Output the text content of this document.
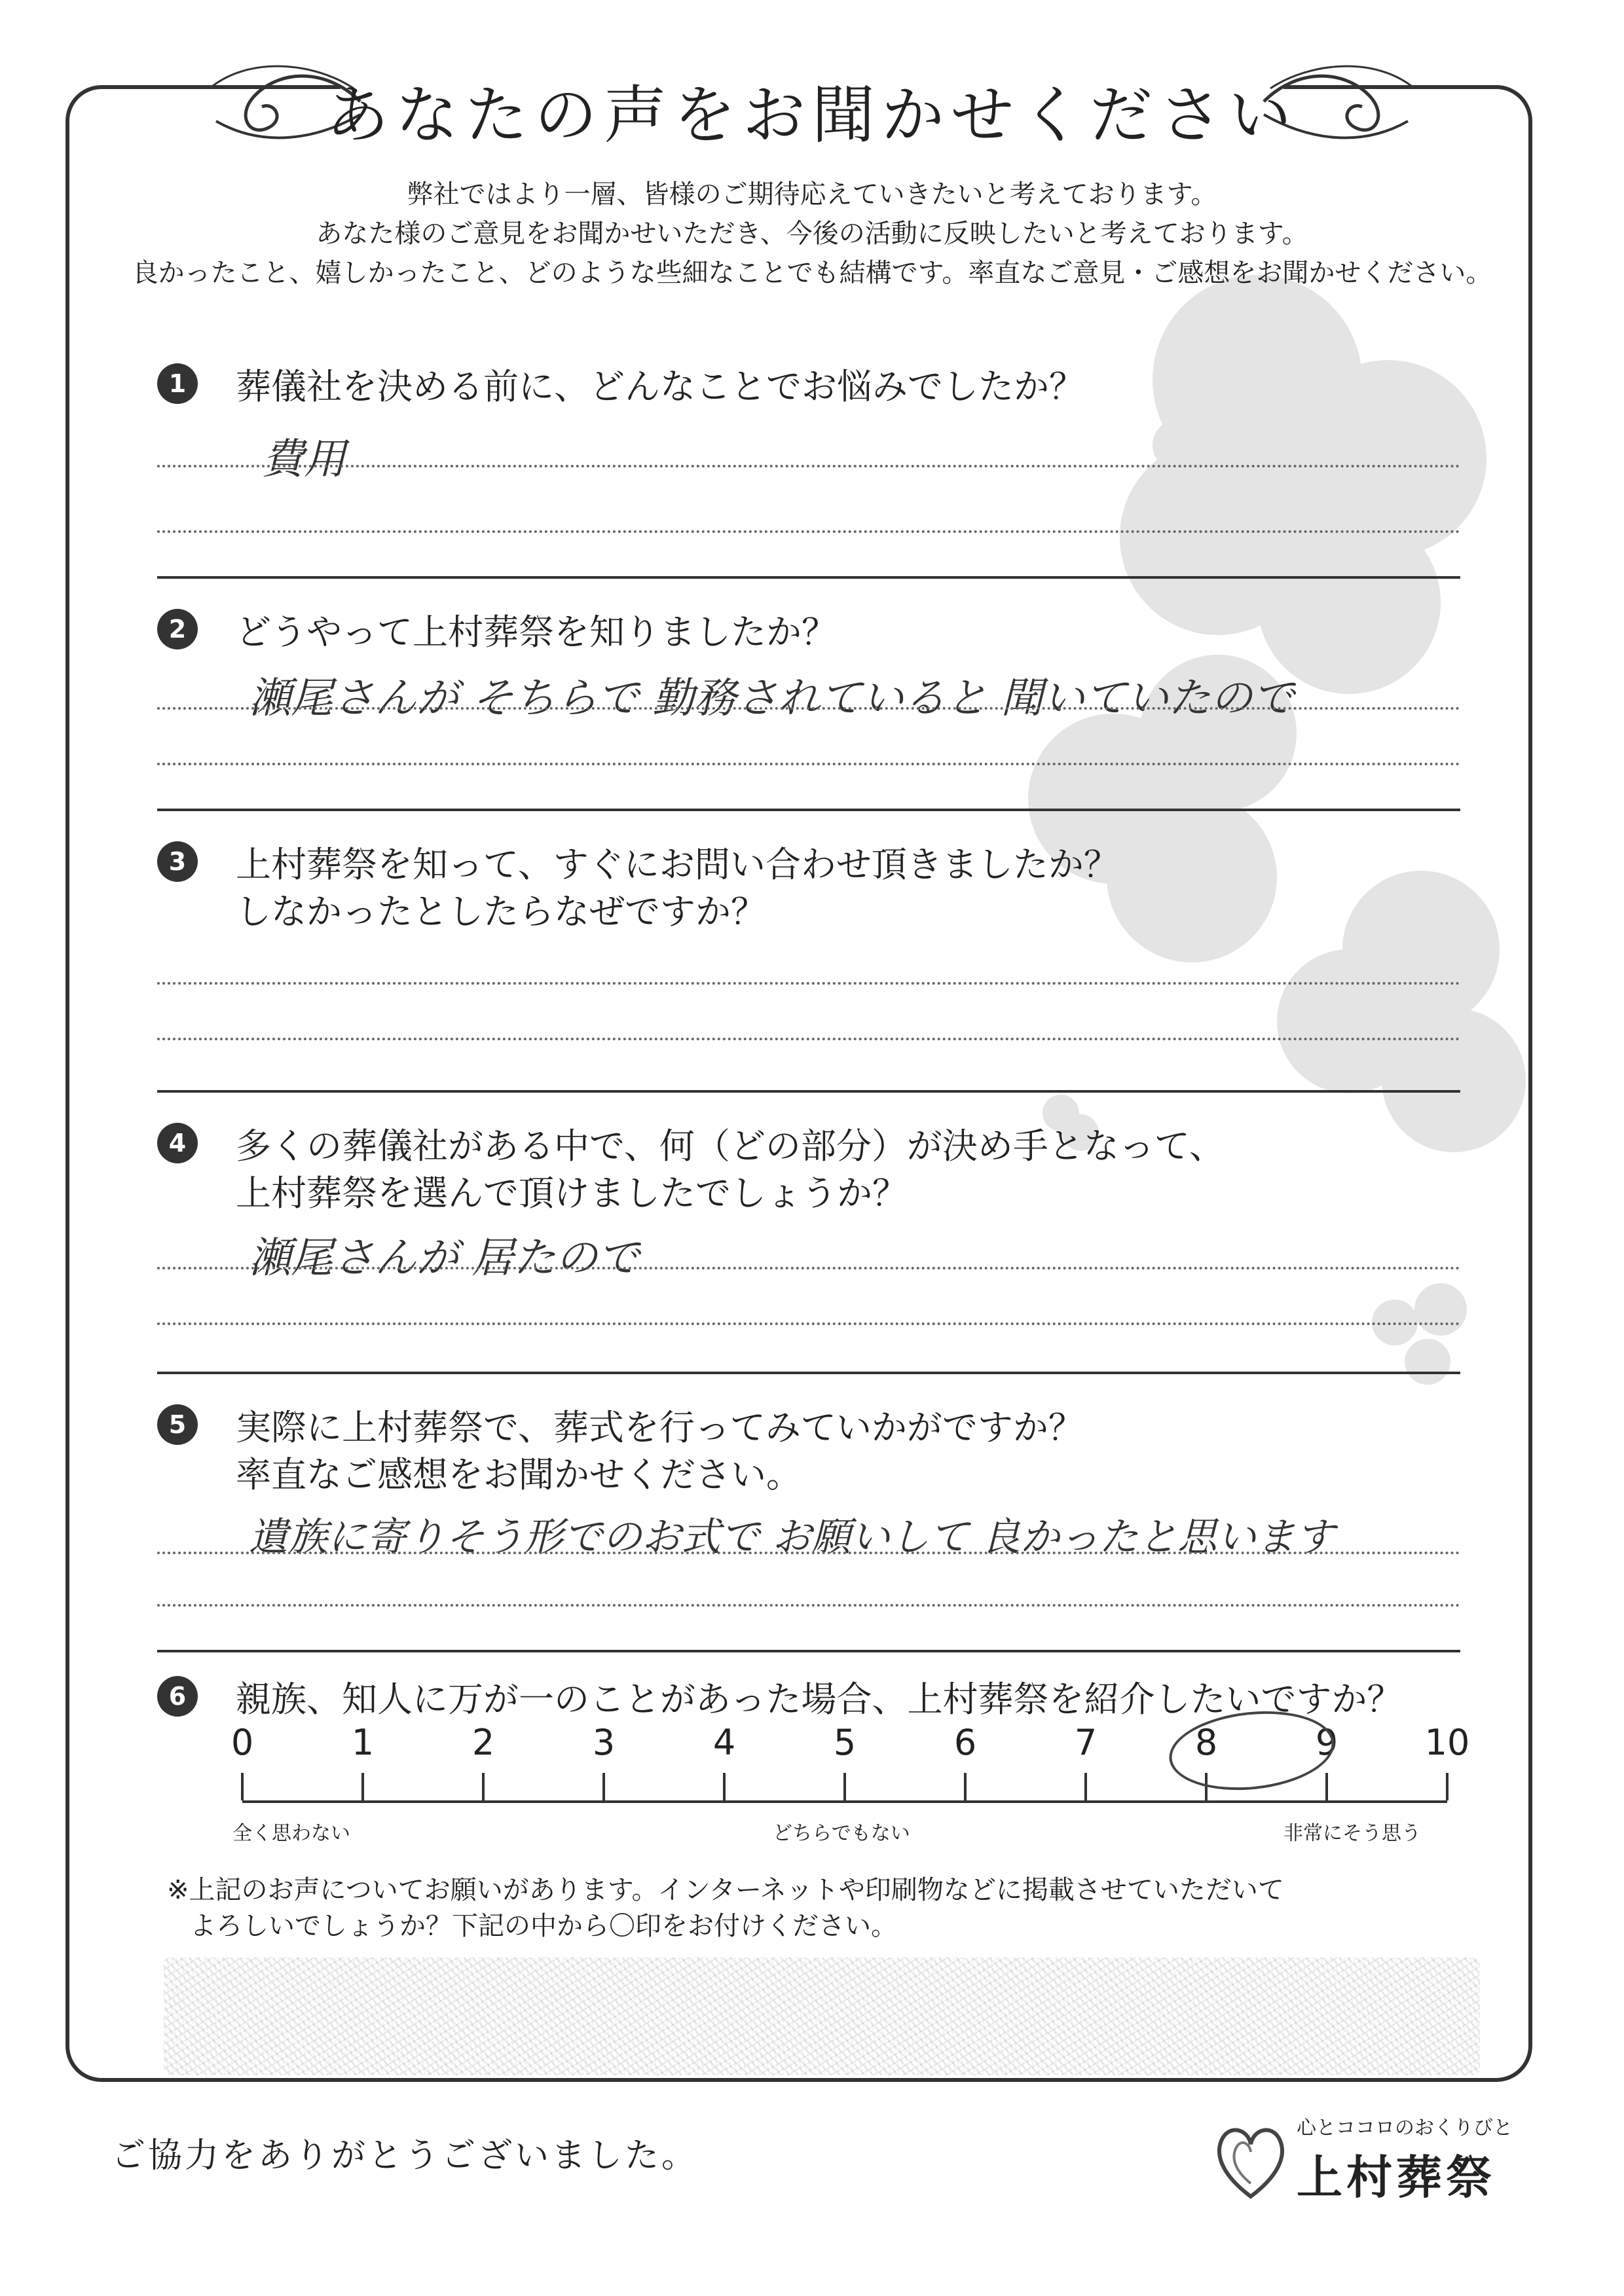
あなたの声をお聞かせください
弊社ではより一層、皆様のご期待応えていきたいと考えております。
あなた様のご意見をお聞かせいただき、今後の活動に反映したいと考えております。
良かったこと、嬉しかったこと、どのような些細なことでも結構です。率直なご意見・ご感想をお聞かせください。
1	葬儀社を決める前に、どんなことでお悩みでしたか？
費用
2	どうやって上村葬祭を知りましたか？
瀬尾さんが そちらで 勤務されていると 聞いていたので
3	上村葬祭を知って、すぐにお問い合わせ頂きましたか？
しなかったとしたらなぜですか？
4	多くの葬儀社がある中で、何（どの部分）が決め手となって、
上村葬祭を選んで頂けましたでしょうか？
瀬尾さんが 居たので
5	実際に上村葬祭で、葬式を行ってみていかがですか？
率直なご感想をお聞かせください。
遺族に寄りそう形でのお式で お願いして 良かったと思います
6	親族、知人に万が一のことがあった場合、上村葬祭を紹介したいですか？
0	1	2	3	4	5	6	7	8	9	10
全く思わない	どちらでもない	非常にそう思う
※上記のお声についてお願いがあります。インターネットや印刷物などに掲載させていただいて
よろしいでしょうか？下記の中から〇印をお付けください。
ご協力をありがとうございました。
心とココロのおくりびと
上村葬祭
